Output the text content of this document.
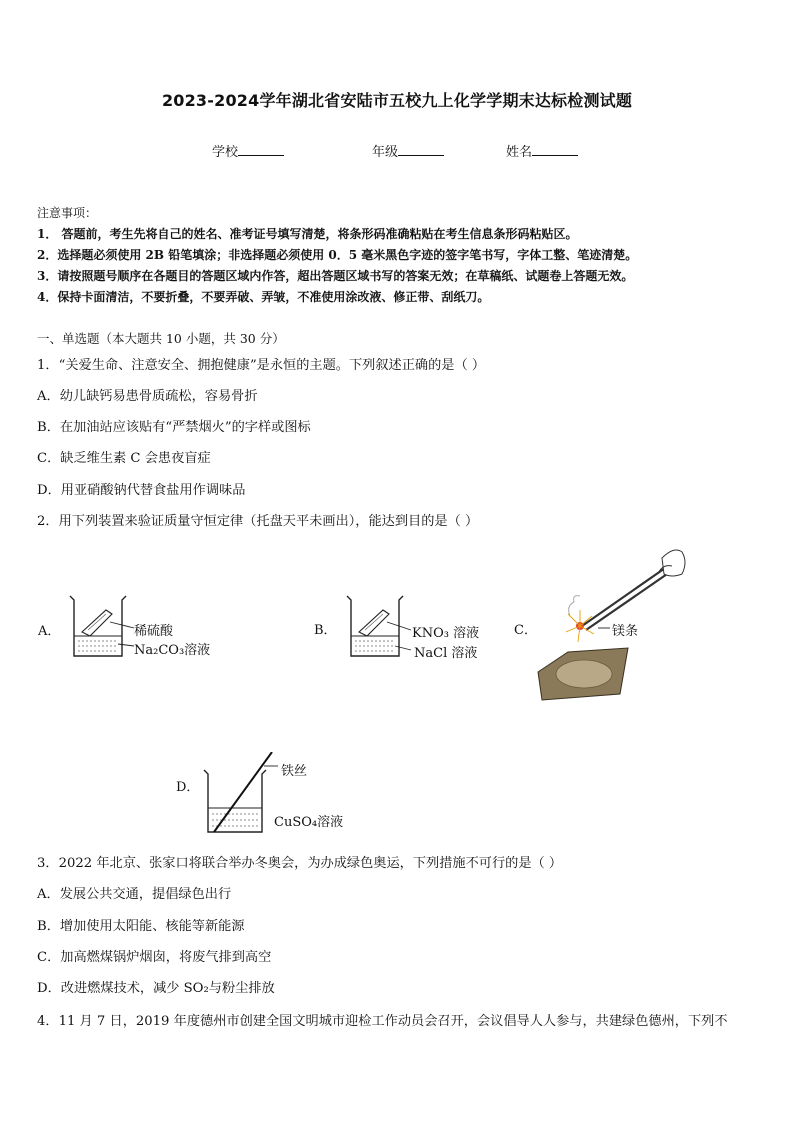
2023-2024学年湖北省安陆市五校九上化学学期末达标检测试题
学校	年级	姓名
注意事项：
1． 答题前，考生先将自己的姓名、准考证号填写清楚，将条形码准确粘贴在考生信息条形码粘贴区。
2．选择题必须使用 2B 铅笔填涂；非选择题必须使用 0．5 毫米黑色字迹的签字笔书写，字体工整、笔迹清楚。
3．请按照题号顺序在各题目的答题区域内作答，超出答题区域书写的答案无效；在草稿纸、试题卷上答题无效。
4．保持卡面清洁，不要折叠，不要弄破、弄皱，不准使用涂改液、修正带、刮纸刀。
一、单选题（本大题共 10 小题，共 30 分）
1．“关爱生命、注意安全、拥抱健康”是永恒的主题。下列叙述正确的是（ ）
A．幼儿缺钙易患骨质疏松，容易骨折
B．在加油站应该贴有“严禁烟火”的字样或图标
C．缺乏维生素 C 会患夜盲症
D．用亚硝酸钠代替食盐用作调味品
2．用下列装置来验证质量守恒定律（托盘天平未画出），能达到目的是（ ）
A．	稀硫酸
Na₂CO₃溶液
B．	KNO₃ 溶液
NaCl 溶液
C．	镁条
D．
铁丝
CuSO₄溶液
3．2022 年北京、张家口将联合举办冬奥会，为办成绿色奥运，下列措施不可行的是（ ）
A．发展公共交通，提倡绿色出行
B．增加使用太阳能、核能等新能源
C．加高燃煤锅炉烟囱，将废气排到高空
D．改进燃煤技术，减少 SO₂与粉尘排放
4．11 月 7 日，2019 年度德州市创建全国文明城市迎检工作动员会召开，会议倡导人人参与，共建绿色德州，下列不
